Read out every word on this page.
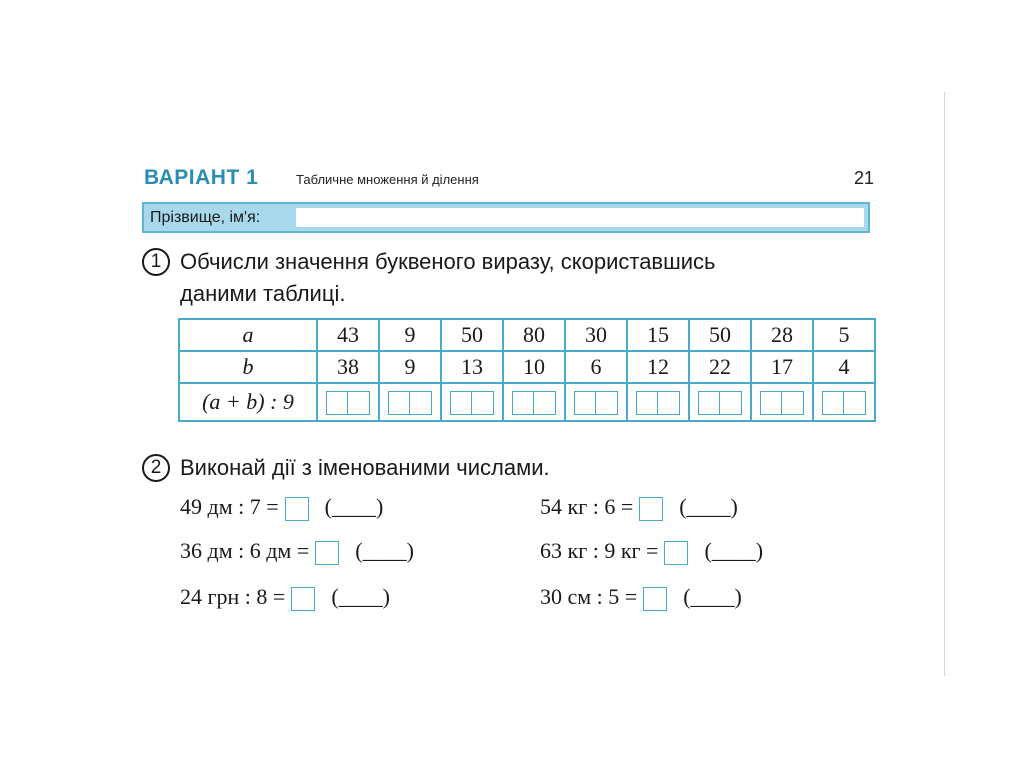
ВАРІАНТ 1	Табличне множення й ділення	21
Прізвище, ім'я:
1 Обчисли значення буквеного виразу, скориставшись
даними таблиці.
a	43	9	50	80	30	15	50	28	5
b	38	9	13	10	6	12	22	17	4
(a + b) : 9	

2 Виконай дії з іменованими числами.
49 дм : 7 = (____)
36 дм : 6 дм = (____)
24 грн : 8 = (____)
54 кг : 6 = (____)
63 кг : 9 кг = (____)
30 см : 5 = (____)
